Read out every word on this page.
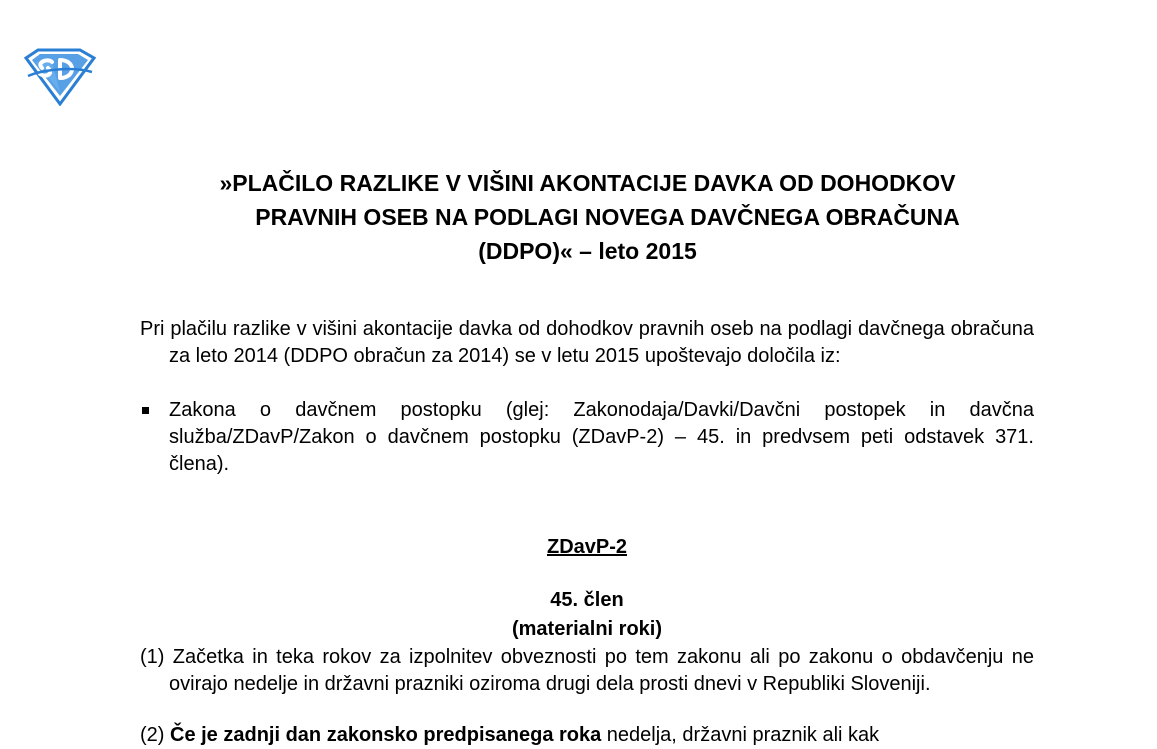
»PLAČILO RAZLIKE V VIŠINI AKONTACIJE DAVKA OD DOHODKOV
PRAVNIH OSEB NA PODLAGI NOVEGA DAVČNEGA OBRAČUNA
(DDPO)« – leto 2015
Pri plačilu razlike v višini akontacije davka od dohodkov pravnih oseb na podlagi davčnega obračuna za leto 2014 (DDPO obračun za 2014) se v letu 2015 upoštevajo določila iz:
Zakona o davčnem postopku (glej: Zakonodaja/Davki/Davčni postopek in davčna služba/ZDavP/Zakon o davčnem postopku (ZDavP-2) – 45. in predvsem peti odstavek 371. člena).
ZDavP-2
45. člen
(materialni roki)
(1) Začetka in teka rokov za izpolnitev obveznosti po tem zakonu ali po zakonu o obdavčenju ne ovirajo nedelje in državni prazniki oziroma drugi dela prosti dnevi v Republiki Sloveniji.
(2) Če je zadnji dan zakonsko predpisanega roka nedelja, državni praznik ali kak
